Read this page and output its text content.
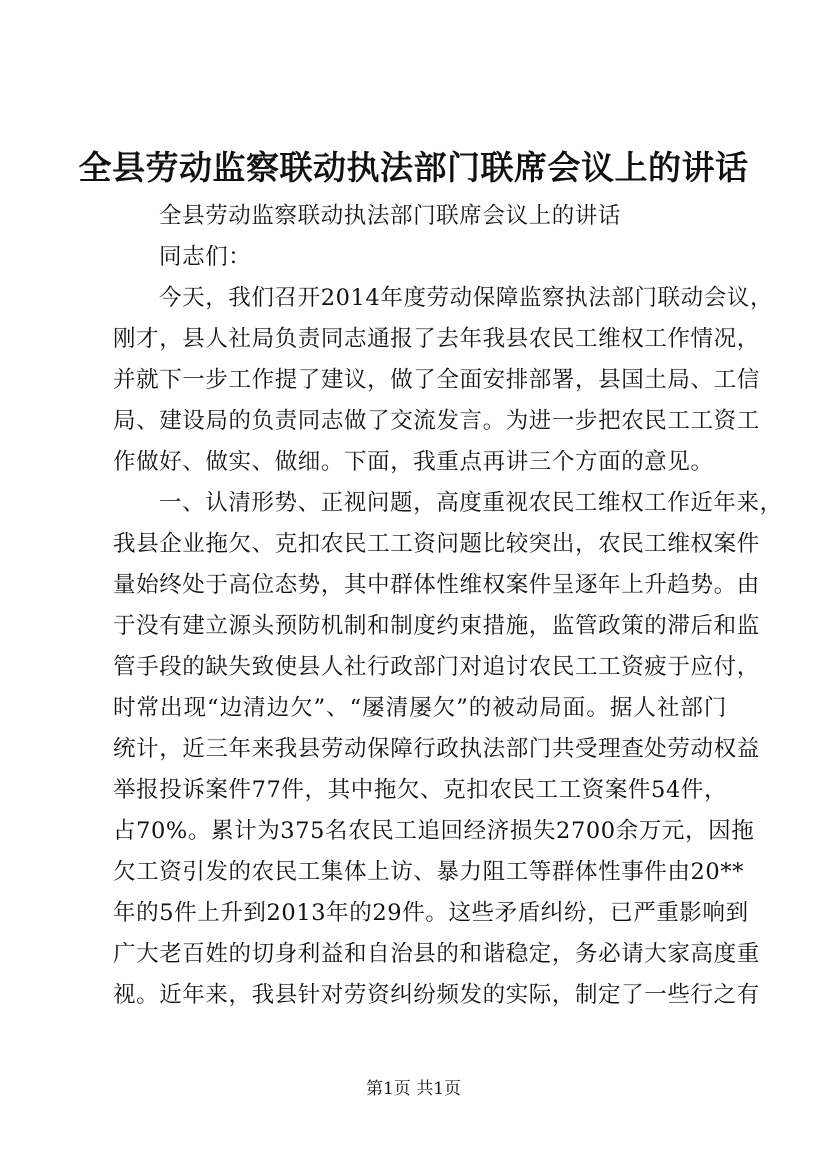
全县劳动监察联动执法部门联席会议上的讲话
全县劳动监察联动执法部门联席会议上的讲话
同志们：
今天，我们召开2014年度劳动保障监察执法部门联动会议，
刚才，县人社局负责同志通报了去年我县农民工维权工作情况，
并就下一步工作提了建议，做了全面安排部署，县国土局、工信
局、建设局的负责同志做了交流发言。为进一步把农民工工资工
作做好、做实、做细。下面，我重点再讲三个方面的意见。
一、认清形势、正视问题，高度重视农民工维权工作近年来，
我县企业拖欠、克扣农民工工资问题比较突出，农民工维权案件
量始终处于高位态势，其中群体性维权案件呈逐年上升趋势。由
于没有建立源头预防机制和制度约束措施，监管政策的滞后和监
管手段的缺失致使县人社行政部门对追讨农民工工资疲于应付，
时常出现“边清边欠”、“屡清屡欠”的被动局面。据人社部门
统计，近三年来我县劳动保障行政执法部门共受理查处劳动权益
举报投诉案件77件，其中拖欠、克扣农民工工资案件54件，
占70%。累计为375名农民工追回经济损失2700余万元，因拖
欠工资引发的农民工集体上访、暴力阻工等群体性事件由20**
年的5件上升到2013年的29件。这些矛盾纠纷，已严重影响到
广大老百姓的切身利益和自治县的和谐稳定，务必请大家高度重
视。近年来，我县针对劳资纠纷频发的实际，制定了一些行之有
第1页 共1页
